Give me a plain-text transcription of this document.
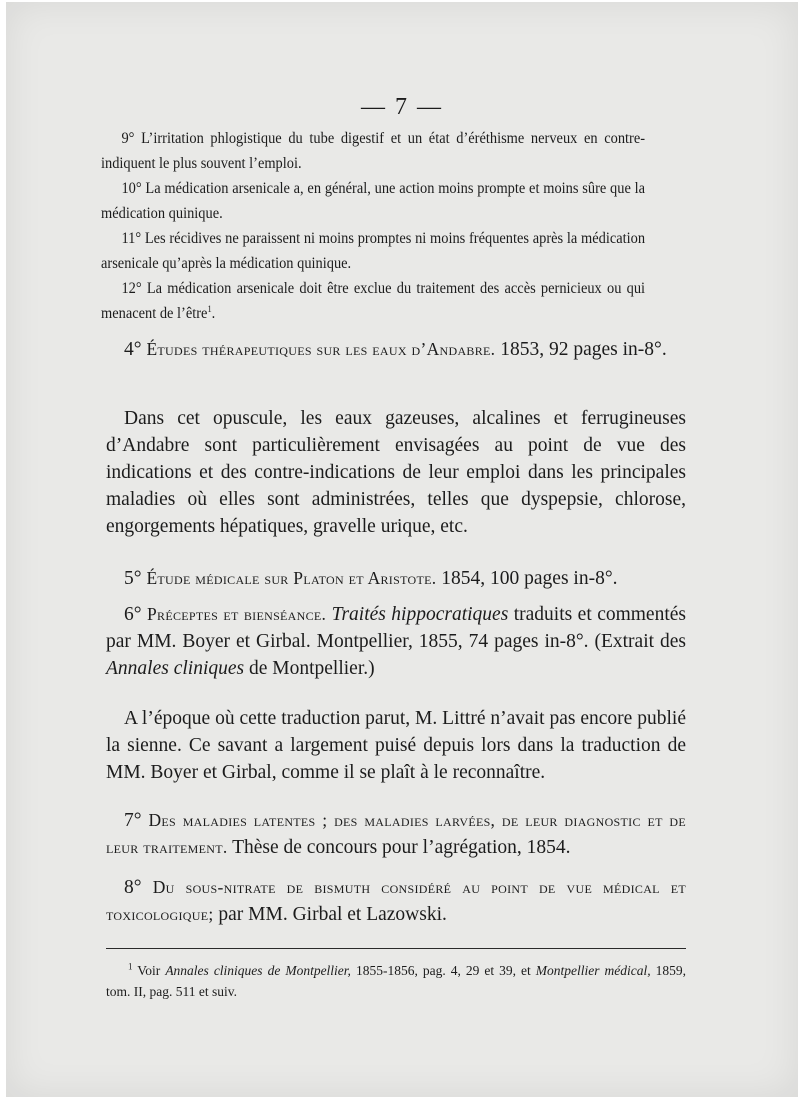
— 7 —

9° L’irritation phlogistique du tube digestif et un état d’éréthisme nerveux en contre-indiquent le plus souvent l’emploi.

10° La médication arsenicale a, en général, une action moins prompte et moins sûre que la médication quinique.

11° Les récidives ne paraissent ni moins promptes ni moins fréquentes après la médication arsenicale qu’après la médication quinique.

12° La médication arsenicale doit être exclue du traitement des accès pernicieux ou qui menacent de l’être$^1$.

4° Études thérapeutiques sur les eaux d’Andabre. 1853, 92 pages in-8°.

Dans cet opuscule, les eaux gazeuses, alcalines et ferrugineuses d’Andabre sont particulièrement envisagées au point de vue des indications et des contre-indications de leur emploi dans les principales maladies où elles sont administrées, telles que dyspepsie, chlorose, engorgements hépatiques, gravelle urique, etc.

5° Étude médicale sur Platon et Aristote. 1854, 100 pages in-8°.

6° Préceptes et bienséance. Traités hippocratiques traduits et commentés par MM. Boyer et Girbal. Montpellier, 1855, 74 pages in-8°. (Extrait des Annales cliniques de Montpellier.)

A l’époque où cette traduction parut, M. Littré n’avait pas encore publié la sienne. Ce savant a largement puisé depuis lors dans la traduction de MM. Boyer et Girbal, comme il se plaît à le reconnaître.

7° Des maladies latentes ; des maladies larvées, de leur diagnostic et de leur traitement. Thèse de concours pour l’agrégation, 1854.

8° Du sous-nitrate de bismuth considéré au point de vue médical et toxicologique; par MM. Girbal et Lazowski.

$^1$ Voir Annales cliniques de Montpellier, 1855-1856, pag. 4, 29 et 39, et Montpellier médical, 1859, tom. II, pag. 511 et suiv.
